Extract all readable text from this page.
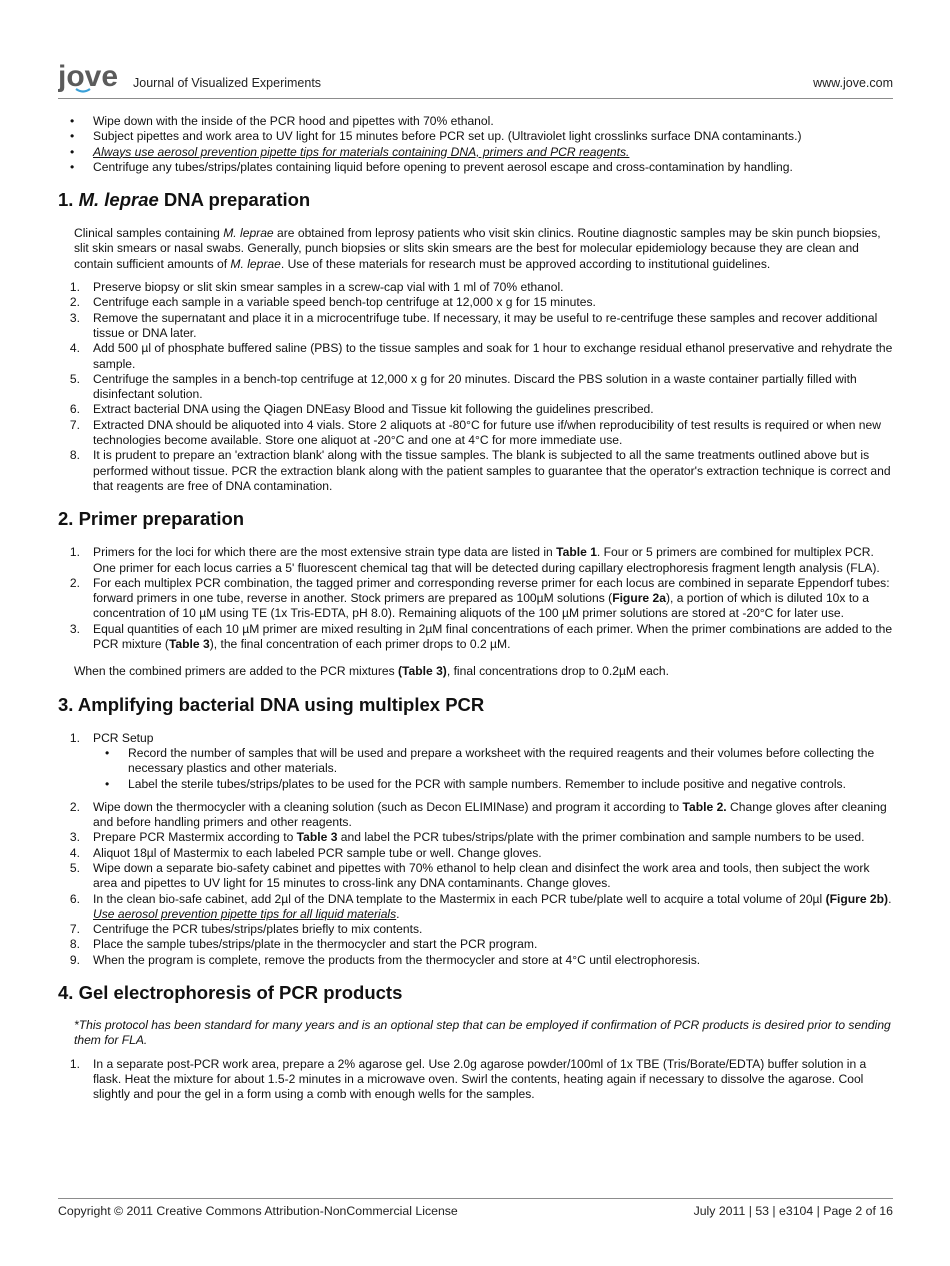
jove Journal of Visualized Experiments	www.jove.com
• Wipe down with the inside of the PCR hood and pipettes with 70% ethanol.
• Subject pipettes and work area to UV light for 15 minutes before PCR set up. (Ultraviolet light crosslinks surface DNA contaminants.)
• Always use aerosol prevention pipette tips for materials containing DNA, primers and PCR reagents.
• Centrifuge any tubes/strips/plates containing liquid before opening to prevent aerosol escape and cross-contamination by handling.
1. M. leprae DNA preparation

Clinical samples containing M. leprae are obtained from leprosy patients who visit skin clinics. Routine diagnostic samples may be skin punch biopsies, slit skin smears or nasal swabs. Generally, punch biopsies or slits skin smears are the best for molecular epidemiology because they are clean and contain sufficient amounts of M. leprae. Use of these materials for research must be approved according to institutional guidelines.

1. Preserve biopsy or slit skin smear samples in a screw-cap vial with 1 ml of 70% ethanol.
2. Centrifuge each sample in a variable speed bench-top centrifuge at 12,000 x g for 15 minutes.
3. Remove the supernatant and place it in a microcentrifuge tube. If necessary, it may be useful to re-centrifuge these samples and recover additional tissue or DNA later.
4. Add 500 µl of phosphate buffered saline (PBS) to the tissue samples and soak for 1 hour to exchange residual ethanol preservative and rehydrate the sample.
5. Centrifuge the samples in a bench-top centrifuge at 12,000 x g for 20 minutes. Discard the PBS solution in a waste container partially filled with disinfectant solution.
6. Extract bacterial DNA using the Qiagen DNEasy Blood and Tissue kit following the guidelines prescribed.
7. Extracted DNA should be aliquoted into 4 vials. Store 2 aliquots at -80°C for future use if/when reproducibility of test results is required or when new technologies become available. Store one aliquot at -20°C and one at 4°C for more immediate use.
8. It is prudent to prepare an 'extraction blank' along with the tissue samples. The blank is subjected to all the same treatments outlined above but is performed without tissue. PCR the extraction blank along with the patient samples to guarantee that the operator's extraction technique is correct and that reagents are free of DNA contamination.
2. Primer preparation
1. Primers for the loci for which there are the most extensive strain type data are listed in Table 1. Four or 5 primers are combined for multiplex PCR. One primer for each locus carries a 5' fluorescent chemical tag that will be detected during capillary electrophoresis fragment length analysis (FLA).
2. For each multiplex PCR combination, the tagged primer and corresponding reverse primer for each locus are combined in separate Eppendorf tubes: forward primers in one tube, reverse in another. Stock primers are prepared as 100µM solutions (Figure 2a), a portion of which is diluted 10x to a concentration of 10 µM using TE (1x Tris-EDTA, pH 8.0). Remaining aliquots of the 100 µM primer solutions are stored at -20°C for later use.
3. Equal quantities of each 10 µM primer are mixed resulting in 2µM final concentrations of each primer. When the primer combinations are added to the PCR mixture (Table 3), the final concentration of each primer drops to 0.2 µM.

When the combined primers are added to the PCR mixtures (Table 3), final concentrations drop to 0.2µM each.

3. Amplifying bacterial DNA using multiplex PCR
1. PCR Setup
• Record the number of samples that will be used and prepare a worksheet with the required reagents and their volumes before collecting the necessary plastics and other materials.
• Label the sterile tubes/strips/plates to be used for the PCR with sample numbers. Remember to include positive and negative controls.
2. Wipe down the thermocycler with a cleaning solution (such as Decon ELIMINase) and program it according to Table 2. Change gloves after cleaning and before handling primers and other reagents.
3. Prepare PCR Mastermix according to Table 3 and label the PCR tubes/strips/plate with the primer combination and sample numbers to be used.
4. Aliquot 18µl of Mastermix to each labeled PCR sample tube or well. Change gloves.
5. Wipe down a separate bio-safety cabinet and pipettes with 70% ethanol to help clean and disinfect the work area and tools, then subject the work area and pipettes to UV light for 15 minutes to cross-link any DNA contaminants. Change gloves.
6. In the clean bio-safe cabinet, add 2µl of the DNA template to the Mastermix in each PCR tube/plate well to acquire a total volume of 20µl (Figure 2b). Use aerosol prevention pipette tips for all liquid materials.
7. Centrifuge the PCR tubes/strips/plates briefly to mix contents.
8. Place the sample tubes/strips/plate in the thermocycler and start the PCR program.
9. When the program is complete, remove the products from the thermocycler and store at 4°C until electrophoresis.
4. Gel electrophoresis of PCR products

*This protocol has been standard for many years and is an optional step that can be employed if confirmation of PCR products is desired prior to sending them for FLA.

1. In a separate post-PCR work area, prepare a 2% agarose gel. Use 2.0g agarose powder/100ml of 1x TBE (Tris/Borate/EDTA) buffer solution in a flask. Heat the mixture for about 1.5-2 minutes in a microwave oven. Swirl the contents, heating again if necessary to dissolve the agarose. Cool slightly and pour the gel in a form using a comb with enough wells for the samples.
Copyright © 2011 Creative Commons Attribution-NonCommercial License	July 2011 | 53 | e3104 | Page 2 of 16
